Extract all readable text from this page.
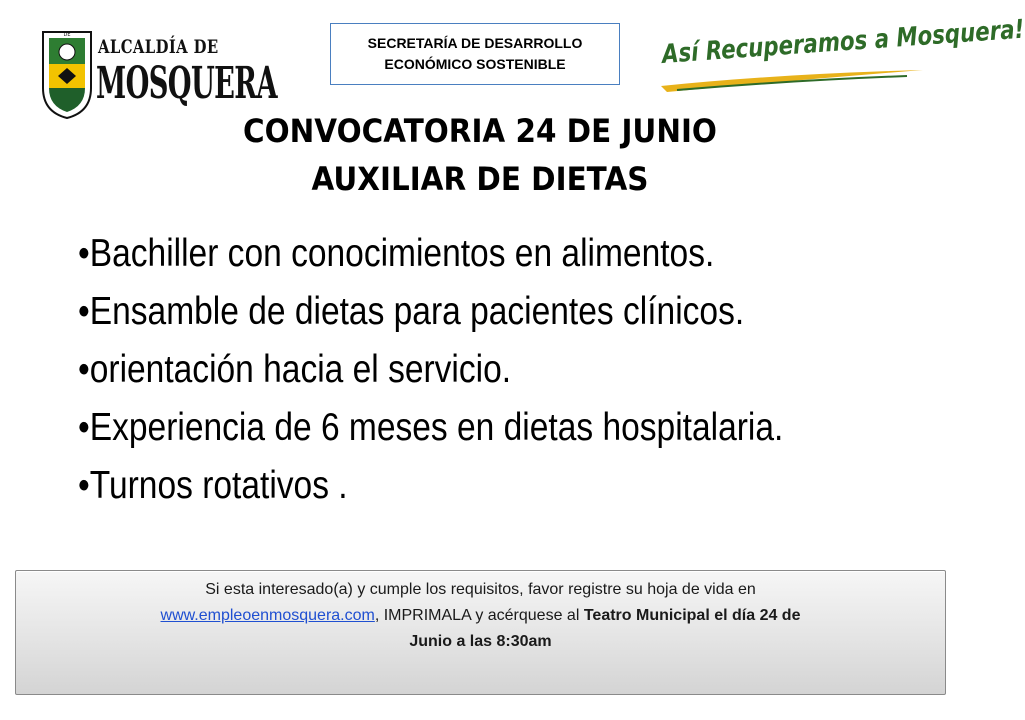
DE
ALCALDÍA DE
MOSQUERA
SECRETARÍA DE DESARROLLO
ECONÓMICO SOSTENIBLE	Así Recuperamos a Mosquera!
CONVOCATORIA 24 DE JUNIO
AUXILIAR DE DIETAS
•Bachiller con conocimientos en alimentos.
•Ensamble de dietas para pacientes clínicos.
•orientación hacia el servicio.
•Experiencia de 6 meses en dietas hospitalaria.
•Turnos rotativos .

Si esta interesado(a) y cumple los requisitos, favor registre su hoja de vida en

www.empleoenmosquera.com, IMPRIMALA y acérquese al Teatro Municipal el día 24 de

Junio a las 8:30am
